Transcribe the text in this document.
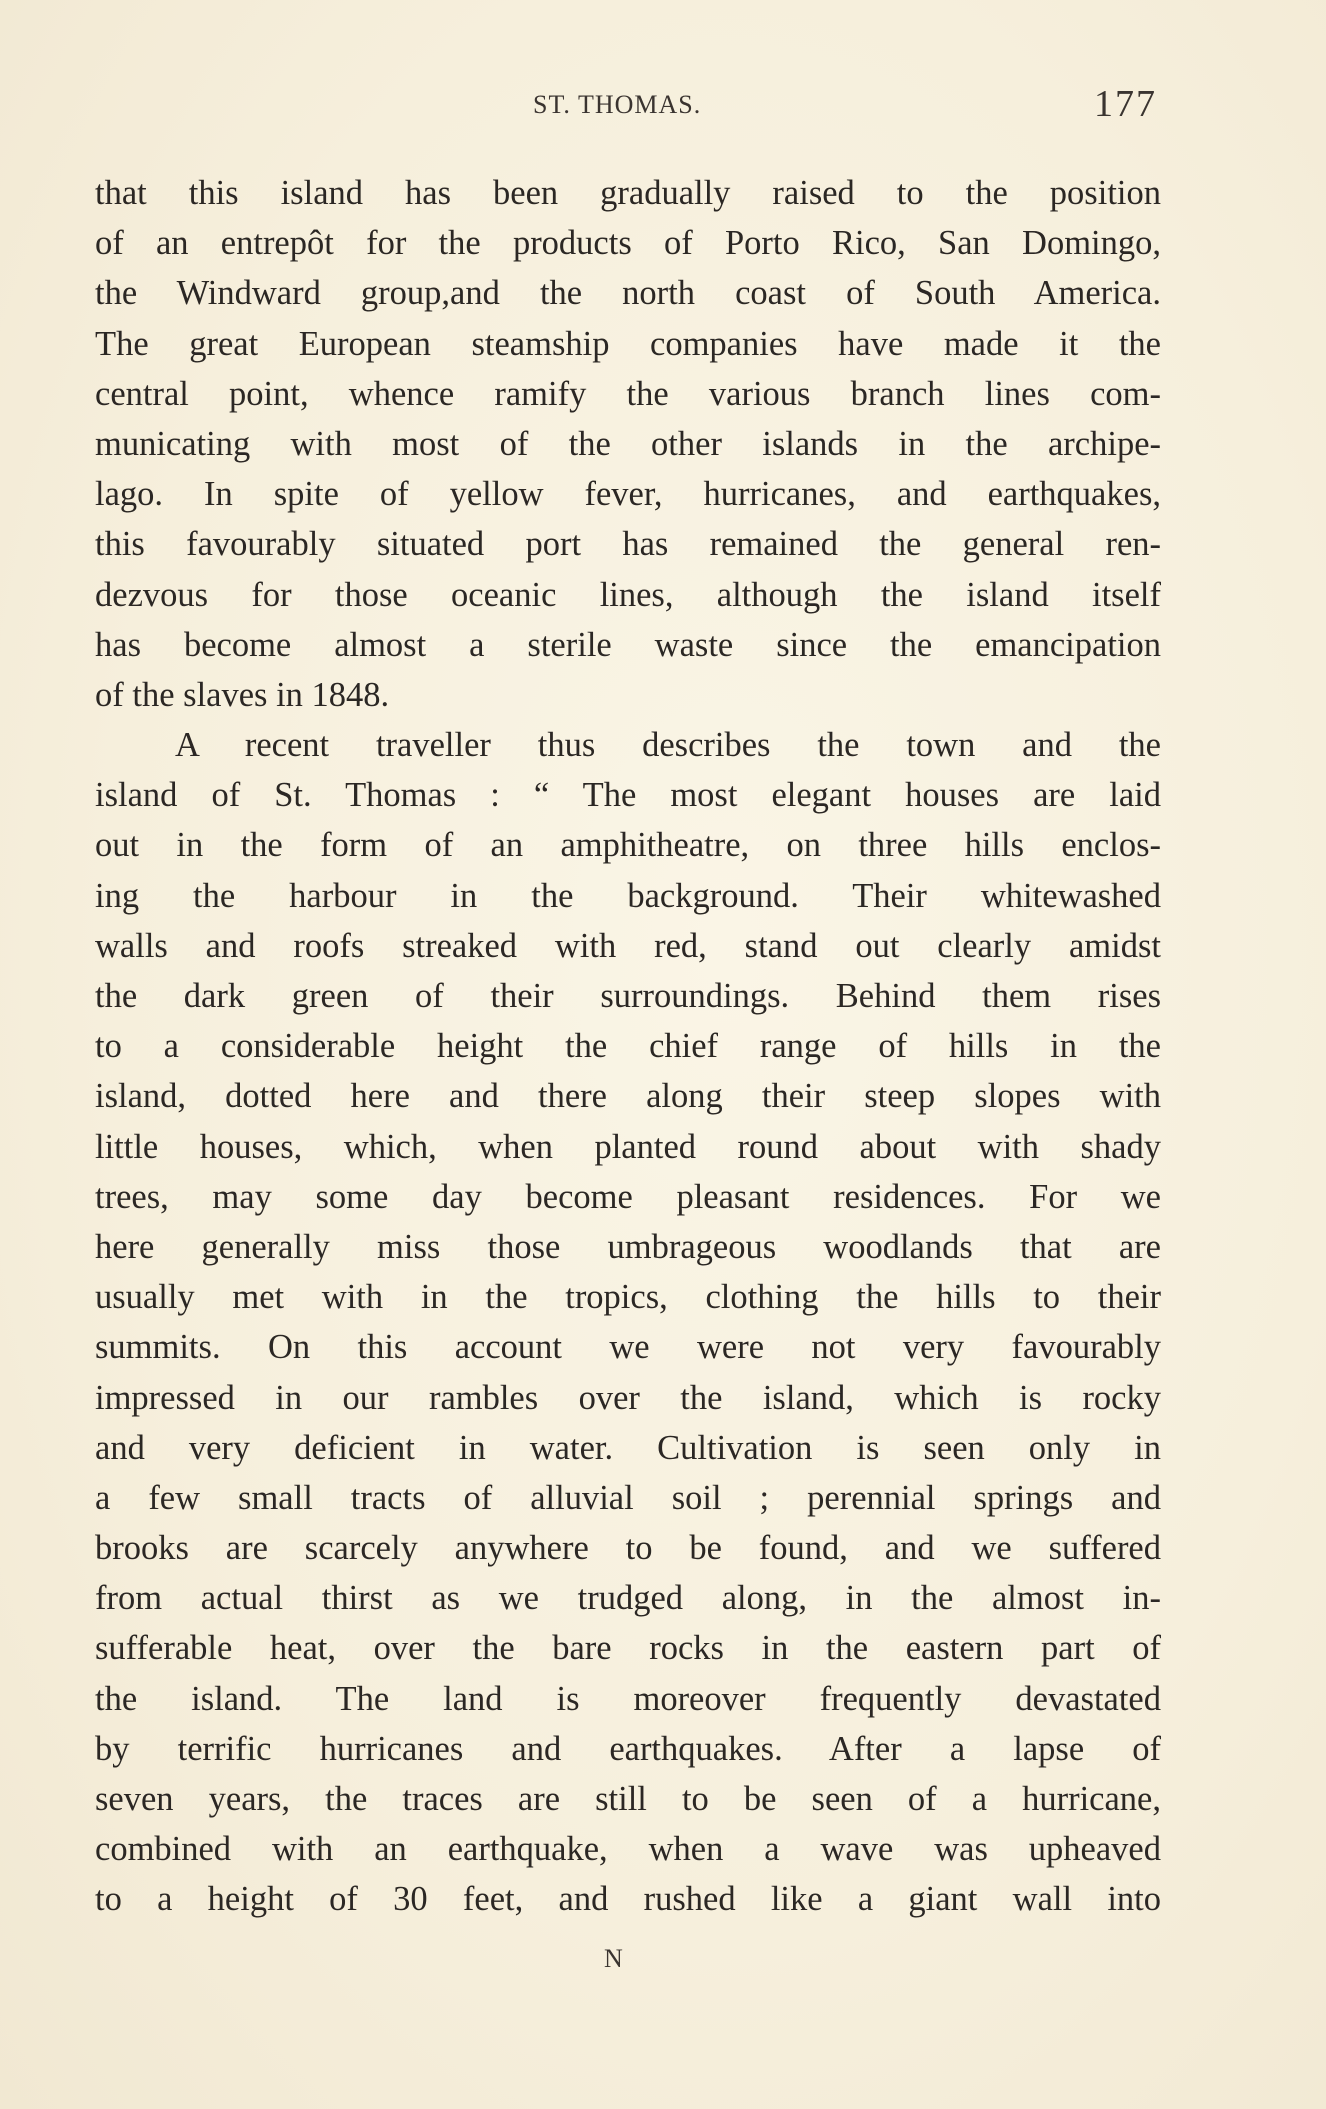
ST. THOMAS.	177
that this island has been gradually raised to the position
of an entrepôt for the products of Porto Rico, San Domingo,
the Windward group,and the north coast of South America.
The great European steamship companies have made it the
central point, whence ramify the various branch lines com-
municating with most of the other islands in the archipe-
lago. In spite of yellow fever, hurricanes, and earthquakes,
this favourably situated port has remained the general ren-
dezvous for those oceanic lines, although the island itself
has become almost a sterile waste since the emancipation
of the slaves in 1848.
A recent traveller thus describes the town and the
island of St. Thomas : “ The most elegant houses are laid
out in the form of an amphitheatre, on three hills enclos-
ing the harbour in the background. Their whitewashed
walls and roofs streaked with red, stand out clearly amidst
the dark green of their surroundings. Behind them rises
to a considerable height the chief range of hills in the
island, dotted here and there along their steep slopes with
little houses, which, when planted round about with shady
trees, may some day become pleasant residences. For we
here generally miss those umbrageous woodlands that are
usually met with in the tropics, clothing the hills to their
summits. On this account we were not very favourably
impressed in our rambles over the island, which is rocky
and very deficient in water. Cultivation is seen only in
a few small tracts of alluvial soil ; perennial springs and
brooks are scarcely anywhere to be found, and we suffered
from actual thirst as we trudged along, in the almost in-
sufferable heat, over the bare rocks in the eastern part of
the island. The land is moreover frequently devastated
by terrific hurricanes and earthquakes. After a lapse of
seven years, the traces are still to be seen of a hurricane,
combined with an earthquake, when a wave was upheaved
to a height of 30 feet, and rushed like a giant wall into
N
